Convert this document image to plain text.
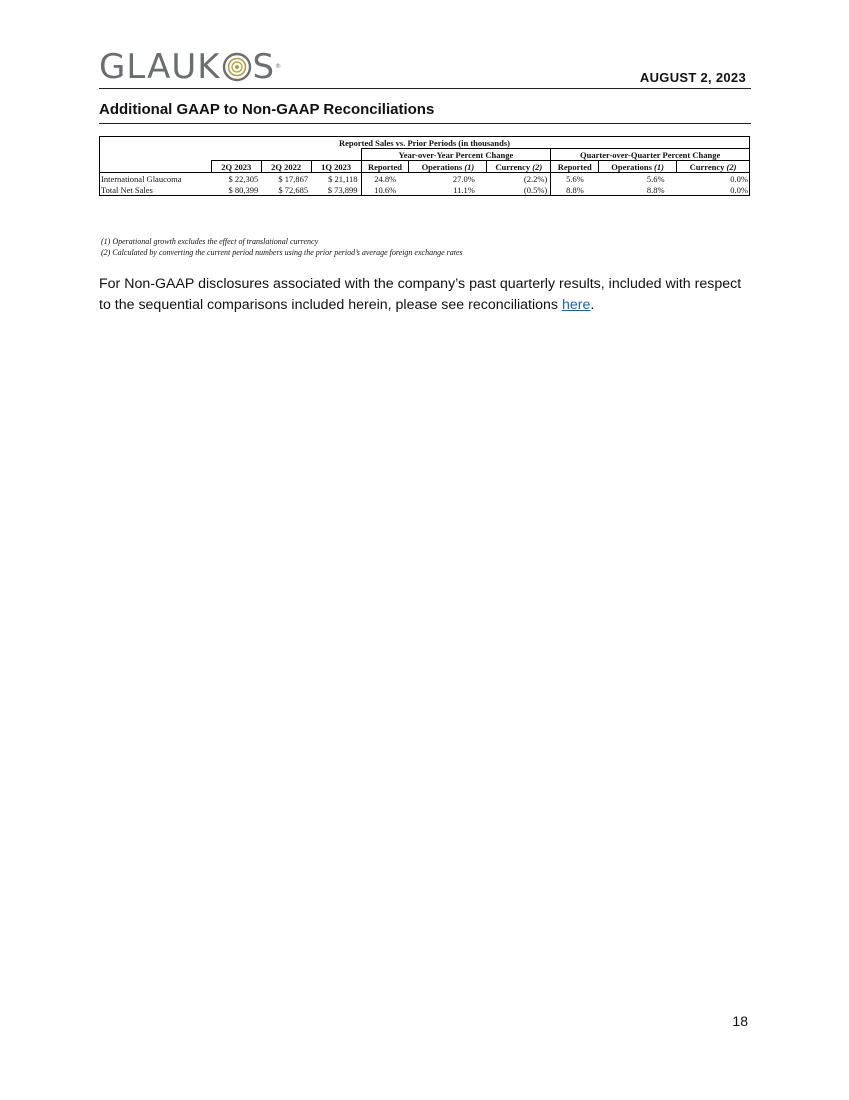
GLAUK S®
AUGUST 2, 2023
Additional GAAP to Non-GAAP Reconciliations
Reported Sales vs. Prior Periods (in thousands)
	Year-over-Year Percent Change	Quarter-over-Quarter Percent Change
	2Q 2023	2Q 2022	1Q 2023	Reported	Operations (1)	Currency (2)	Reported	Operations (1)	Currency (2)
International Glaucoma	$ 22,305	$ 17,867	$ 21,118	24.8%	27.0%	(2.2%)	5.6%	5.6%	0.0%
Total Net Sales	$ 80,399	$ 72,685	$ 73,899	10.6%	11.1%	(0.5%)	8.8%	8.8%	0.0%
(1) Operational growth excludes the effect of translational currency
(2) Calculated by converting the current period numbers using the prior period’s average foreign exchange rates
For Non-GAAP disclosures associated with the company’s past quarterly results, included with respect to the sequential comparisons included herein, please see reconciliations here.
18
